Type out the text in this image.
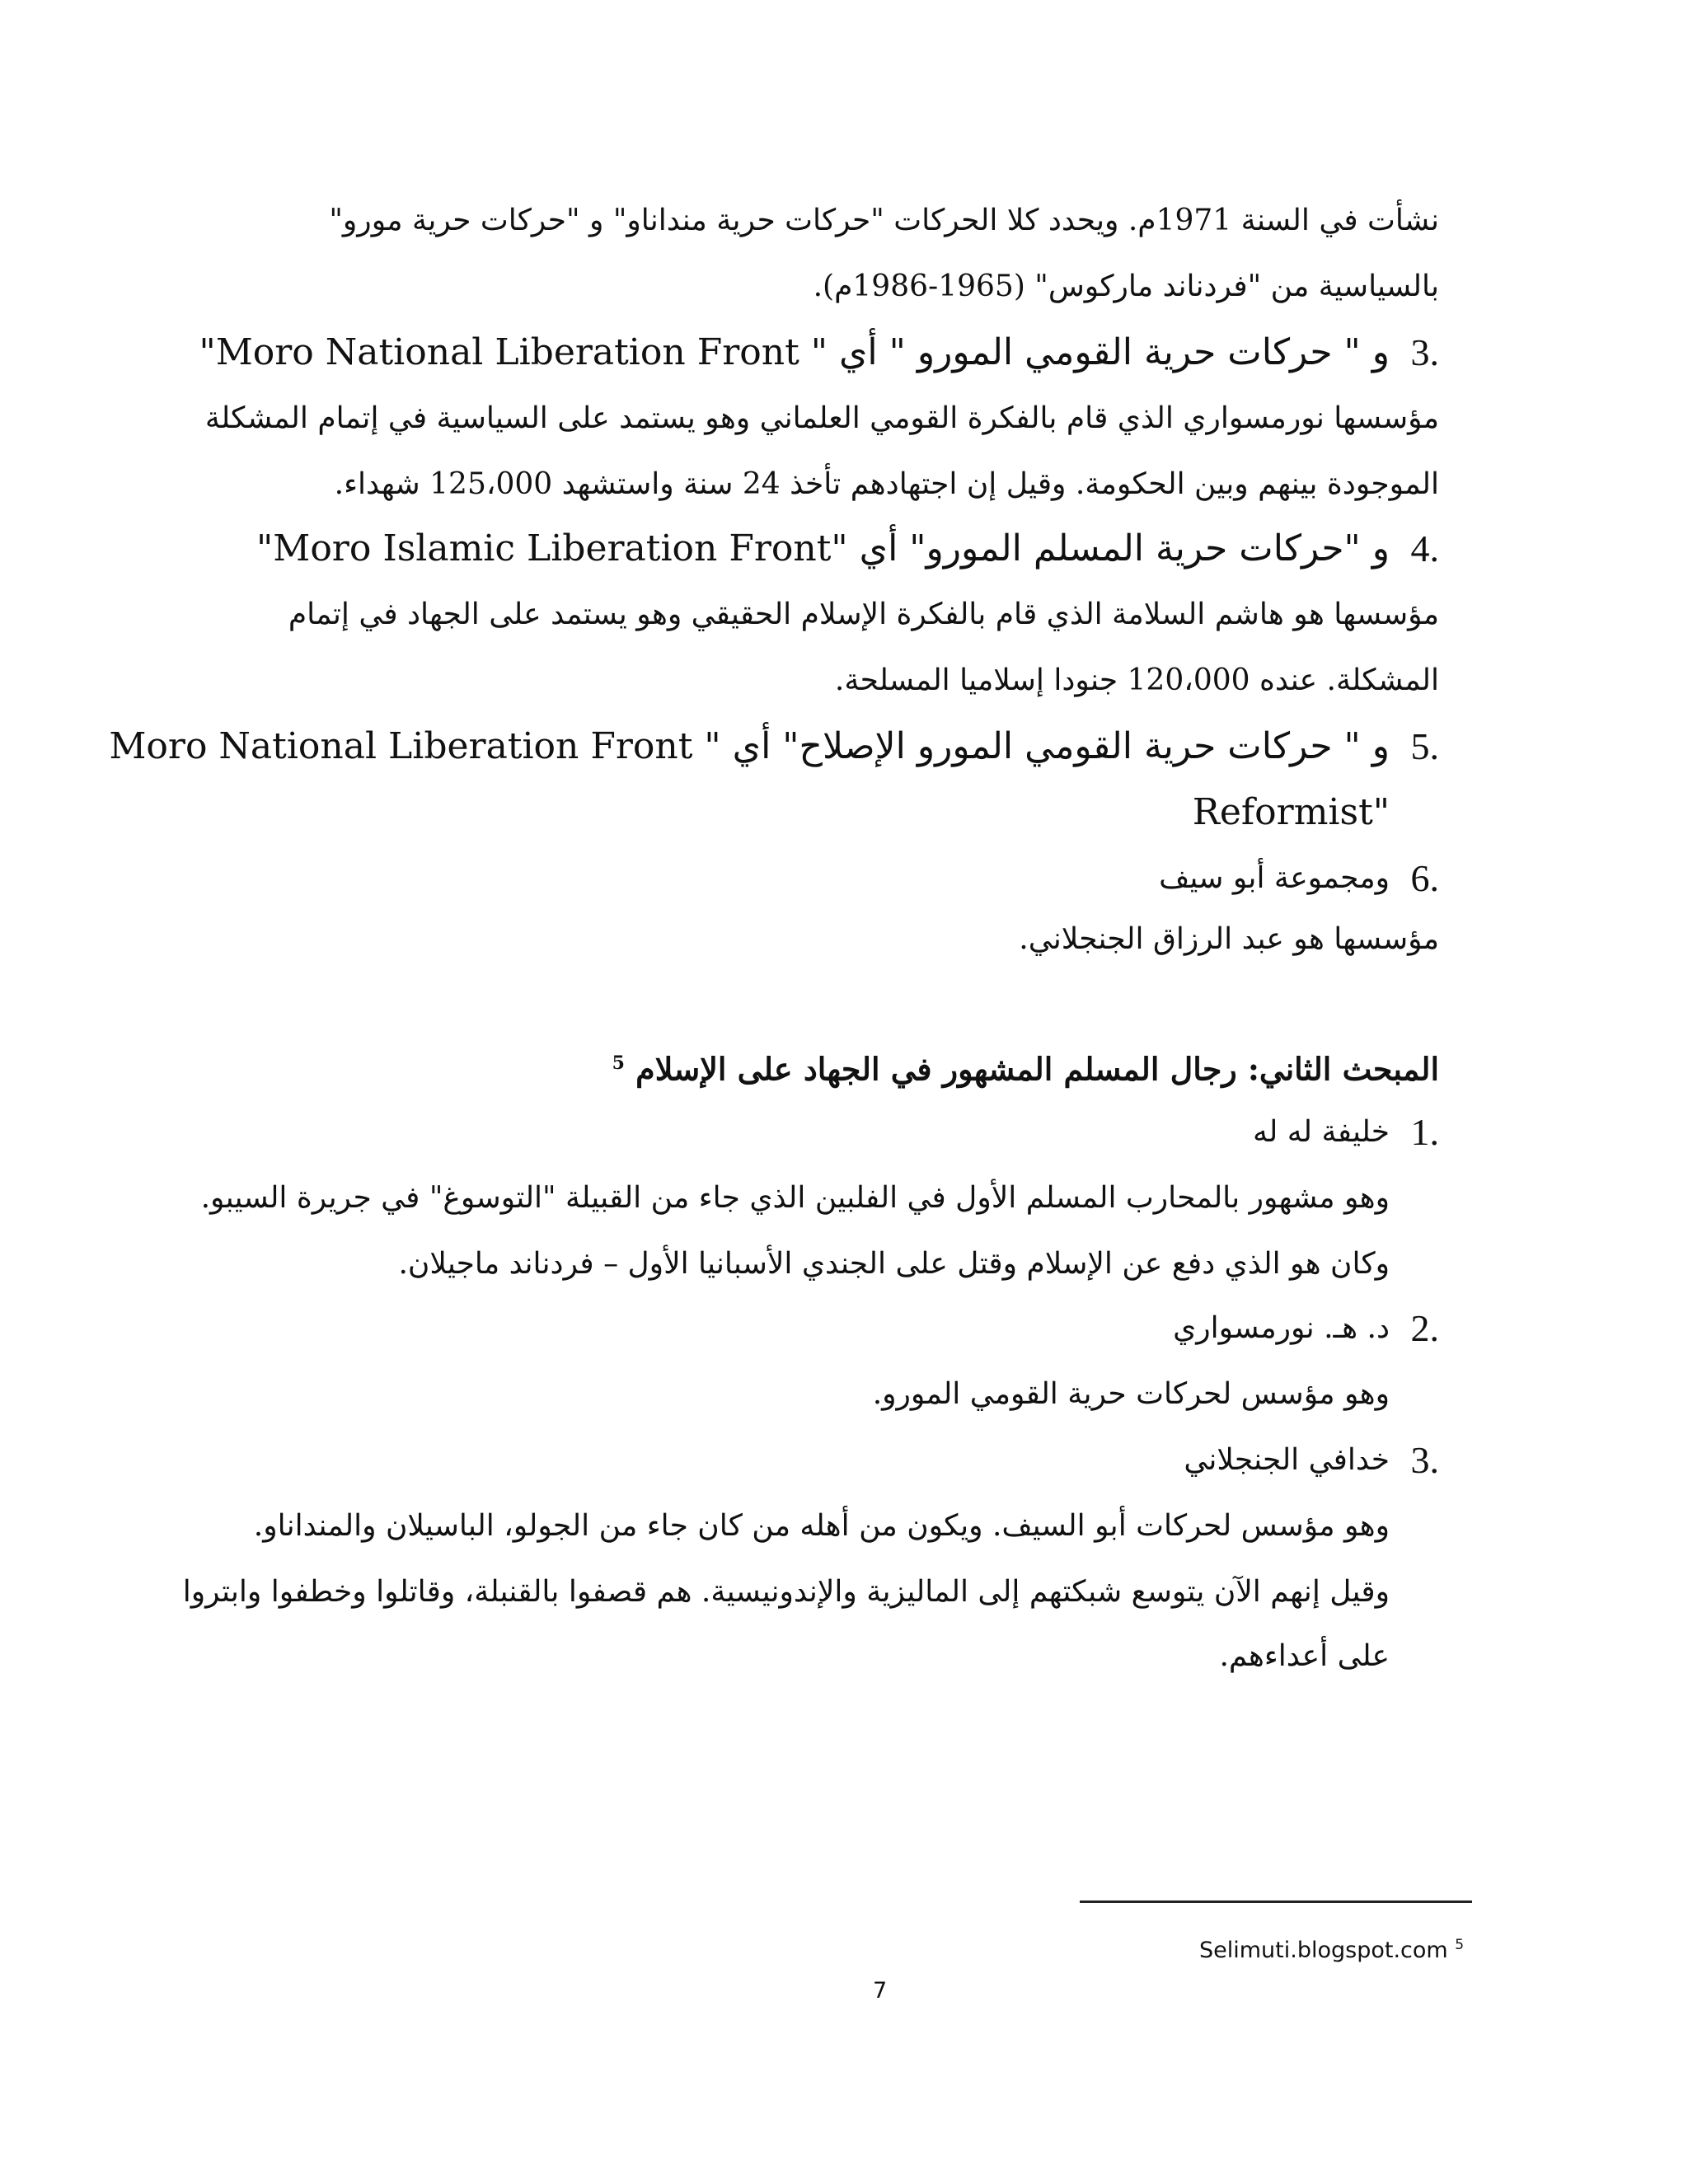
نشأت في السنة 1971م. ويحدد كلا الحركات "حركات حرية منداناو" و "حركات حرية مورو"
بالسياسية من "فردناند ماركوس" (1965-1986م).
3.
و " حركات حرية القومي المورو " أي " Moro National Liberation Front"
مؤسسها نورمسواري الذي قام بالفكرة القومي العلماني وهو يستمد على السياسية في إتمام المشكلة
الموجودة بينهم وبين الحكومة. وقيل إن اجتهادهم تأخذ 24 سنة واستشهد 125،000 شهداء.
4.
و "حركات حرية المسلم المورو" أي "Moro Islamic Liberation Front"
مؤسسها هو هاشم السلامة الذي قام بالفكرة الإسلام الحقيقي وهو يستمد على الجهاد في إتمام
المشكلة. عنده 120،000 جنودا إسلاميا المسلحة.
5.
و " حركات حرية القومي المورو الإصلاح" أي " Moro National Liberation Front
Reformist"
6.
ومجموعة أبو سيف
مؤسسها هو عبد الرزاق الجنجلاني.
المبحث الثاني: رجال المسلم المشهور في الجهاد على الإسلام $^5$
1.
خليفة له له
وهو مشهور بالمحارب المسلم الأول في الفلبين الذي جاء من القبيلة "التوسوغ" في جريرة السيبو.
وكان هو الذي دفع عن الإسلام وقتل على الجندي الأسبانيا الأول – فردناند ماجيلان.
2.
د. هـ. نورمسواري
وهو مؤسس لحركات حرية القومي المورو.
3.
خدافي الجنجلاني
وهو مؤسس لحركات أبو السيف. ويكون من أهله من كان جاء من الجولو، الباسيلان والمنداناو.
وقيل إنهم الآن يتوسع شبكتهم إلى الماليزية والإندونيسية. هم قصفوا بالقنبلة، وقاتلوا وخطفوا وابتروا
على أعداءهم.
Selimuti.blogspot.com $^5$
7
